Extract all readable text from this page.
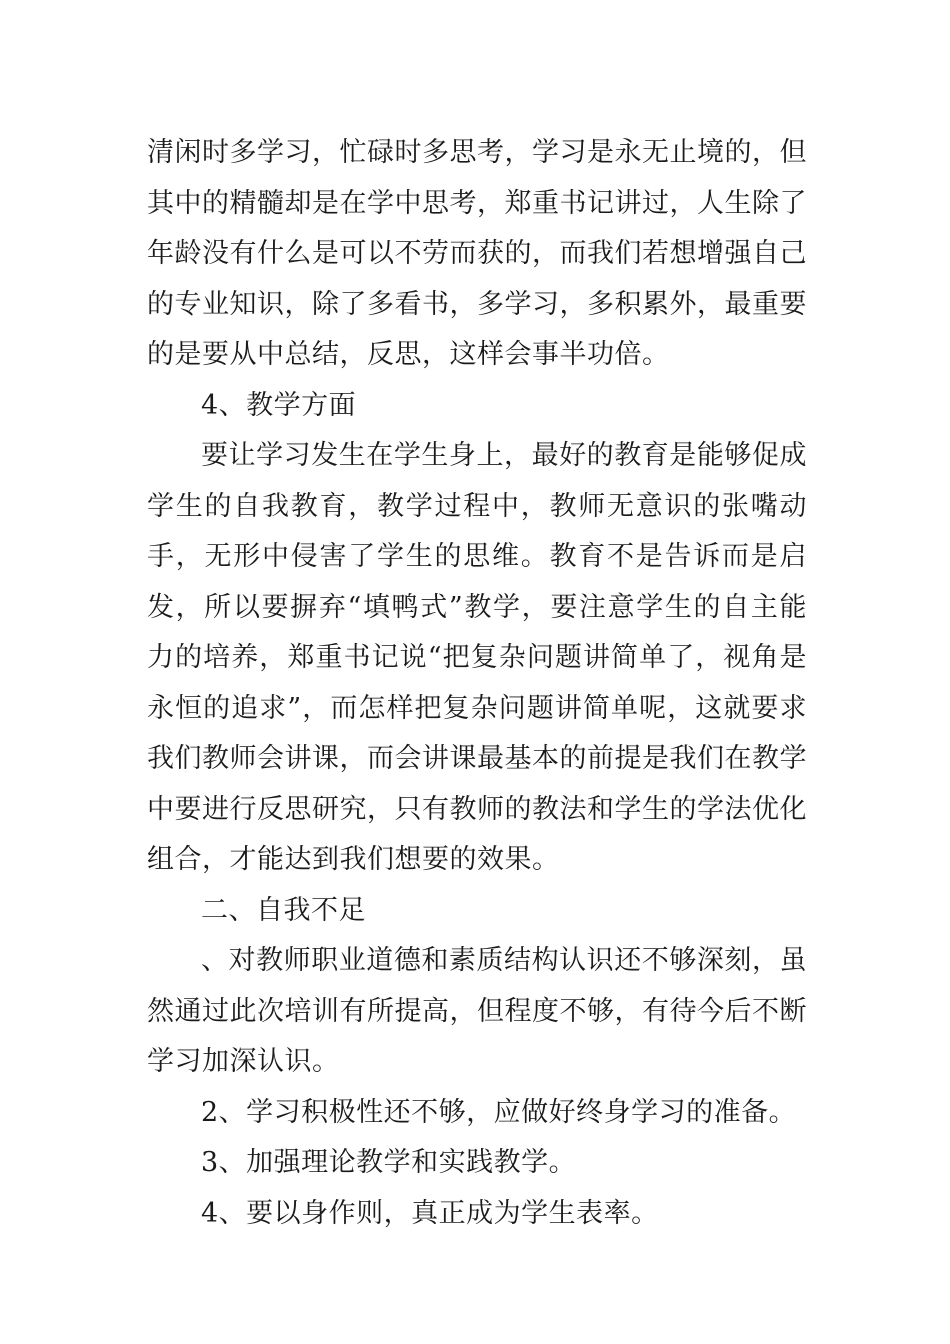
清闲时多学习，忙碌时多思考，学习是永无止境的，但其中的精髓却是在学中思考，郑重书记讲过，人生除了年龄没有什么是可以不劳而获的，而我们若想增强自己的专业知识，除了多看书，多学习，多积累外，最重要的是要从中总结，反思，这样会事半功倍。

4、教学方面

要让学习发生在学生身上，最好的教育是能够促成学生的自我教育，教学过程中，教师无意识的张嘴动手，无形中侵害了学生的思维。教育不是告诉而是启发，所以要摒弃“填鸭式”教学，要注意学生的自主能力的培养，郑重书记说“把复杂问题讲简单了，视角是永恒的追求”，而怎样把复杂问题讲简单呢，这就要求我们教师会讲课，而会讲课最基本的前提是我们在教学中要进行反思研究，只有教师的教法和学生的学法优化组合，才能达到我们想要的效果。

二、自我不足

、对教师职业道德和素质结构认识还不够深刻，虽然通过此次培训有所提高，但程度不够，有待今后不断学习加深认识。

2、学习积极性还不够，应做好终身学习的准备。

3、加强理论教学和实践教学。

4、要以身作则，真正成为学生表率。
